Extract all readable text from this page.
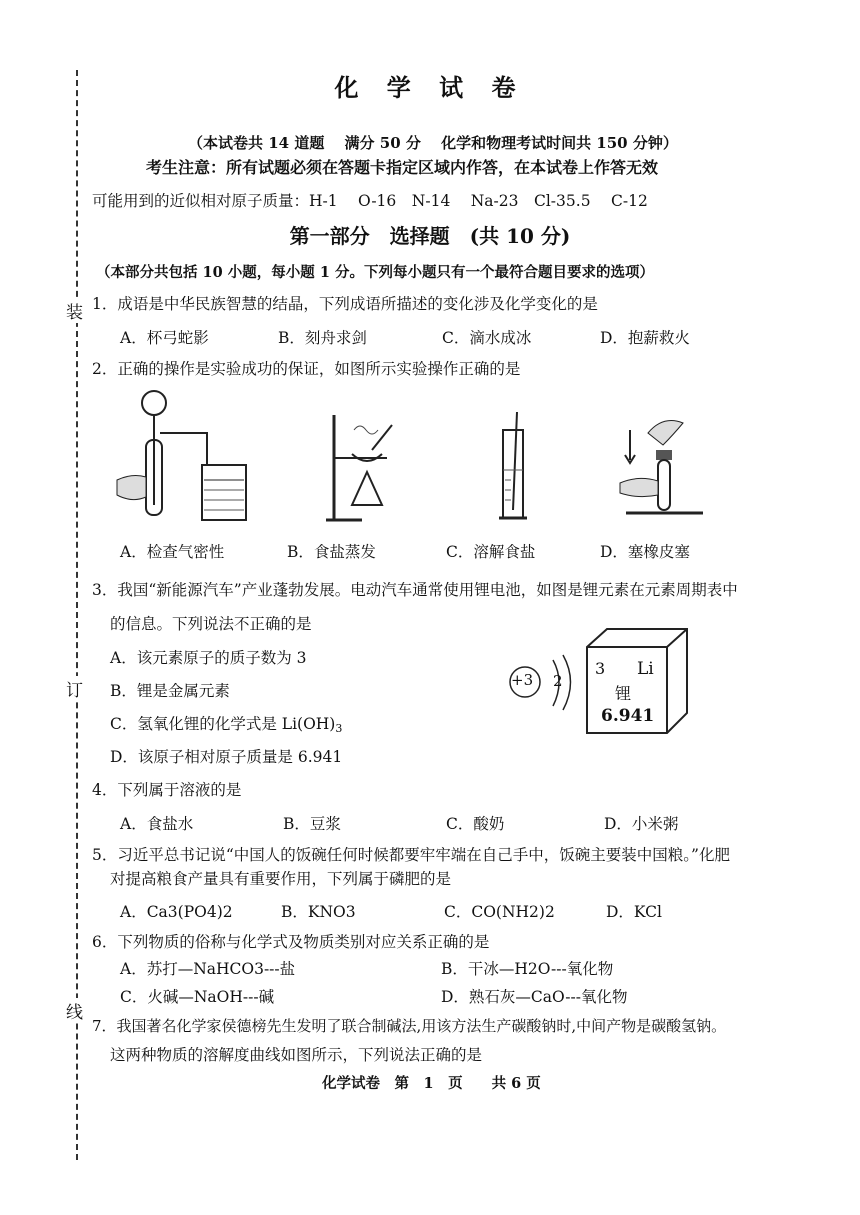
装
订
线
化 学 试 卷
（本试卷共 14 道题　 满分 50 分　 化学和物理考试时间共 150 分钟）
考生注意：所有试题必须在答题卡指定区域内作答，在本试卷上作答无效
可能用到的近似相对原子质量：H-1　 O-16　N-14　 Na-23　Cl-35.5　 C-12
第一部分　选择题　(共 10 分)
（本部分共包括 10 小题，每小题 1 分。下列每小题只有一个最符合题目要求的选项）
1．成语是中华民族智慧的结晶，下列成语所描述的变化涉及化学变化的是
A．杯弓蛇影	B．刻舟求剑	C．滴水成冰	D．抱薪救火
2．正确的操作是实验成功的保证，如图所示实验操作正确的是
A．检查气密性	B．食盐蒸发	C．溶解食盐	D．塞橡皮塞
3．我国“新能源汽车”产业蓬勃发展。电动汽车通常使用锂电池，如图是锂元素在元素周期表中
的信息。下列说法不正确的是
A．该元素原子的质子数为 3
B．锂是金属元素
C．氢氧化锂的化学式是 $Li(OH)_3$
D．该原子相对原子质量是 6.941
+3 2
3 Li
锂
6.941
4．下列属于溶液的是
A．食盐水	B．豆浆	C．酸奶	D．小米粥
5．习近平总书记说“中国人的饭碗任何时候都要牢牢端在自己手中，饭碗主要装中国粮。”化肥
对提高粮食产量具有重要作用，下列属于磷肥的是
A．Ca3(PO4)2	B．KNO3	C．CO(NH2)2	D．KCl
6．下列物质的俗称与化学式及物质类别对应关系正确的是
A．苏打—NaHCO3---盐	B．干冰—H2O---氧化物
C．火碱—NaOH---碱	D．熟石灰—CaO---氧化物
7．我国著名化学家侯德榜先生发明了联合制碱法,用该方法生产碳酸钠时,中间产物是碳酸氢钠。
这两种物质的溶解度曲线如图所示，下列说法正确的是
化学试卷　第　1　页　　共 6 页
